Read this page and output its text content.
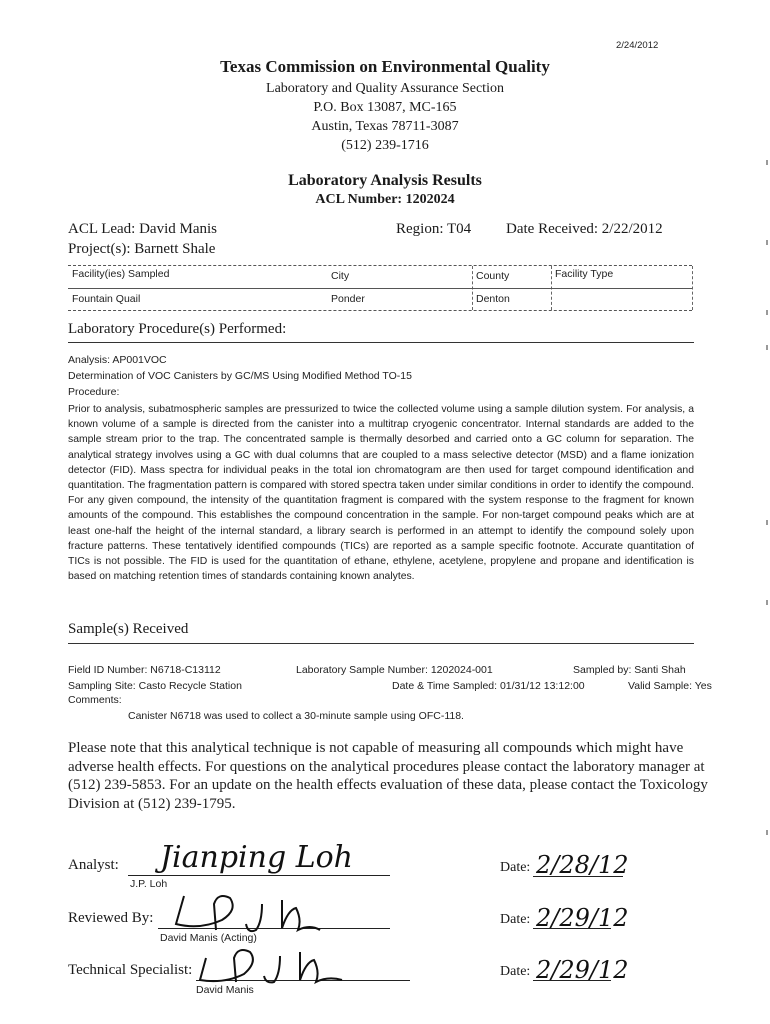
2/24/2012
Texas Commission on Environmental Quality
Laboratory and Quality Assurance Section
P.O. Box 13087, MC-165
Austin, Texas 78711-3087
(512) 239-1716
Laboratory Analysis Results
ACL Number: 1202024
ACL Lead: David Manis	Region: T04 Date Received: 2/22/2012
Project(s): Barnett Shale
Facility(ies) Sampled	City	County	Facility Type
Fountain Quail	Ponder	Denton
Laboratory Procedure(s) Performed:
Analysis: AP001VOC
Determination of VOC Canisters by GC/MS Using Modified Method TO-15
Procedure:
Prior to analysis, subatmospheric samples are pressurized to twice the collected volume using a sample dilution system. For analysis, a known volume of a sample is directed from the canister into a multitrap cryogenic concentrator. Internal standards are added to the sample stream prior to the trap. The concentrated sample is thermally desorbed and carried onto a GC column for separation. The analytical strategy involves using a GC with dual columns that are coupled to a mass selective detector (MSD) and a flame ionization detector (FID). Mass spectra for individual peaks in the total ion chromatogram are then used for target compound identification and quantitation. The fragmentation pattern is compared with stored spectra taken under similar conditions in order to identify the compound. For any given compound, the intensity of the quantitation fragment is compared with the system response to the fragment for known amounts of the compound. This establishes the compound concentration in the sample. For non-target compound peaks which are at least one-half the height of the internal standard, a library search is performed in an attempt to identify the compound solely upon fracture patterns. These tentatively identified compounds (TICs) are reported as a sample specific footnote. Accurate quantitation of TICs is not possible. The FID is used for the quantitation of ethane, ethylene, acetylene, propylene and propane and identification is based on matching retention times of standards containing known analytes.
Sample(s) Received
Field ID Number: N6718-C13112	Laboratory Sample Number: 1202024-001	Sampled by: Santi Shah
Sampling Site: Casto Recycle Station	Date & Time Sampled: 01/31/12 13:12:00	Valid Sample: Yes
Comments:
Canister N6718 was used to collect a 30-minute sample using OFC-118.
Please note that this analytical technique is not capable of measuring all compounds which might have adverse health effects. For questions on the analytical procedures please contact the laboratory manager at (512) 239-5853. For an update on the health effects evaluation of these data, please contact the Toxicology Division at (512) 239-1795.
Analyst: Jianping Loh
J.P. Loh
Date: 2/28/12
Reviewed By:
David Manis (Acting)
Date: 2/29/12
Technical Specialist:
David Manis
Date: 2/29/12
